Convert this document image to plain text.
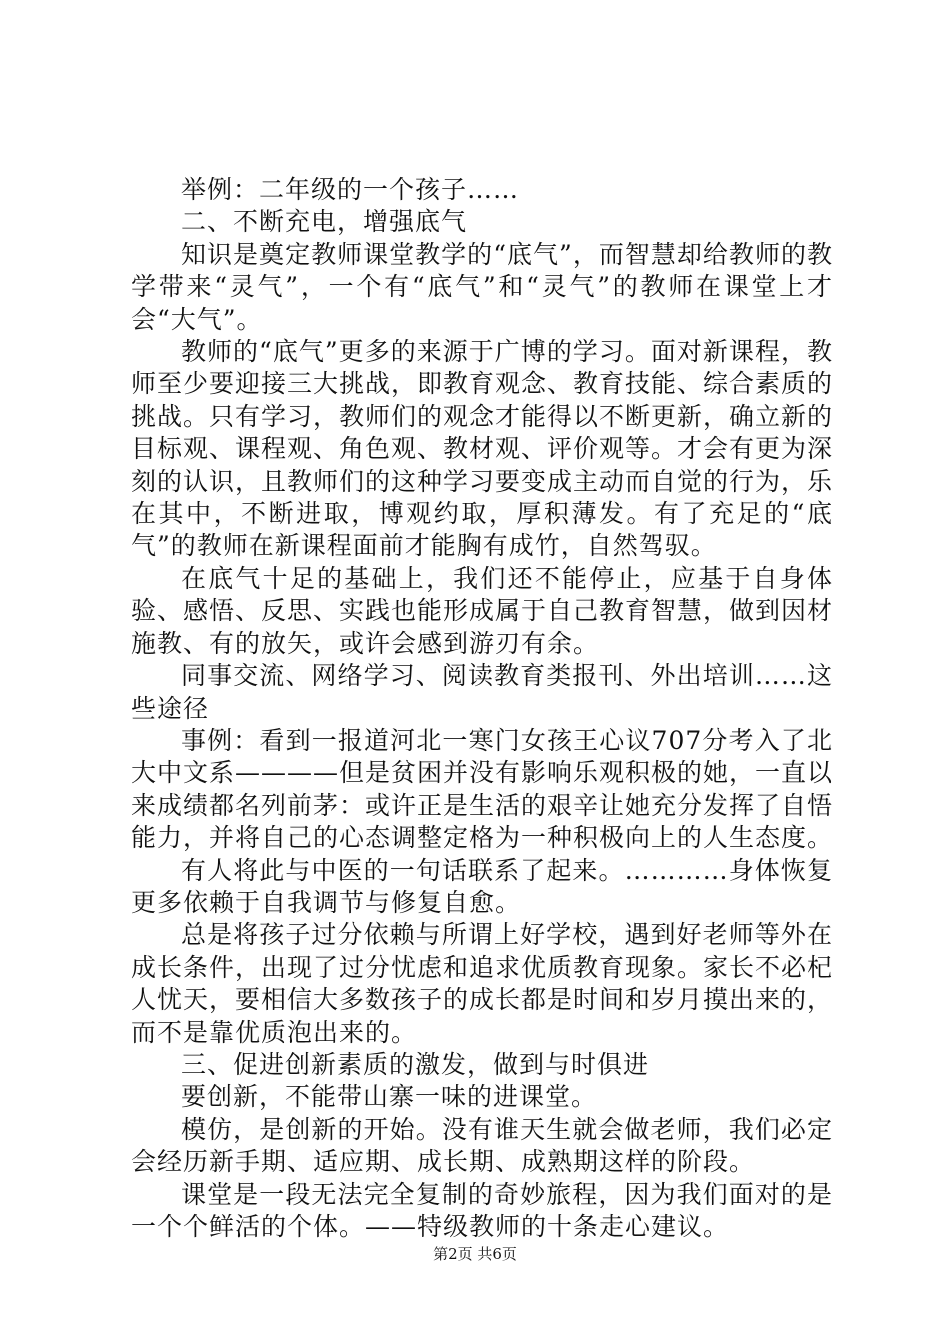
举例：二年级的一个孩子……

二、不断充电，增强底气

知识是奠定教师课堂教学的“底气”，而智慧却给教师的教学带来“灵气”，一个有“底气”和“灵气”的教师在课堂上才会“大气”。

教师的“底气”更多的来源于广博的学习。面对新课程，教师至少要迎接三大挑战，即教育观念、教育技能、综合素质的挑战。只有学习，教师们的观念才能得以不断更新，确立新的目标观、课程观、角色观、教材观、评价观等。才会有更为深刻的认识，且教师们的这种学习要变成主动而自觉的行为，乐在其中，不断进取，博观约取，厚积薄发。有了充足的“底气”的教师在新课程面前才能胸有成竹，自然驾驭。

在底气十足的基础上，我们还不能停止，应基于自身体验、感悟、反思、实践也能形成属于自己教育智慧，做到因材施教、有的放矢，或许会感到游刃有余。

同事交流、网络学习、阅读教育类报刊、外出培训……这些途径

事例：看到一报道河北一寒门女孩王心议707分考入了北大中文系————但是贫困并没有影响乐观积极的她，一直以来成绩都名列前茅：或许正是生活的艰辛让她充分发挥了自悟能力，并将自己的心态调整定格为一种积极向上的人生态度。

有人将此与中医的一句话联系了起来。…………身体恢复更多依赖于自我调节与修复自愈。

总是将孩子过分依赖与所谓上好学校，遇到好老师等外在成长条件，出现了过分忧虑和追求优质教育现象。家长不必杞人忧天，要相信大多数孩子的成长都是时间和岁月摸出来的，而不是靠优质泡出来的。

三、促进创新素质的激发，做到与时俱进

要创新，不能带山寨一味的进课堂。

模仿，是创新的开始。没有谁天生就会做老师，我们必定会经历新手期、适应期、成长期、成熟期这样的阶段。

课堂是一段无法完全复制的奇妙旅程，因为我们面对的是一个个鲜活的个体。——特级教师的十条走心建议。

第2页 共6页
